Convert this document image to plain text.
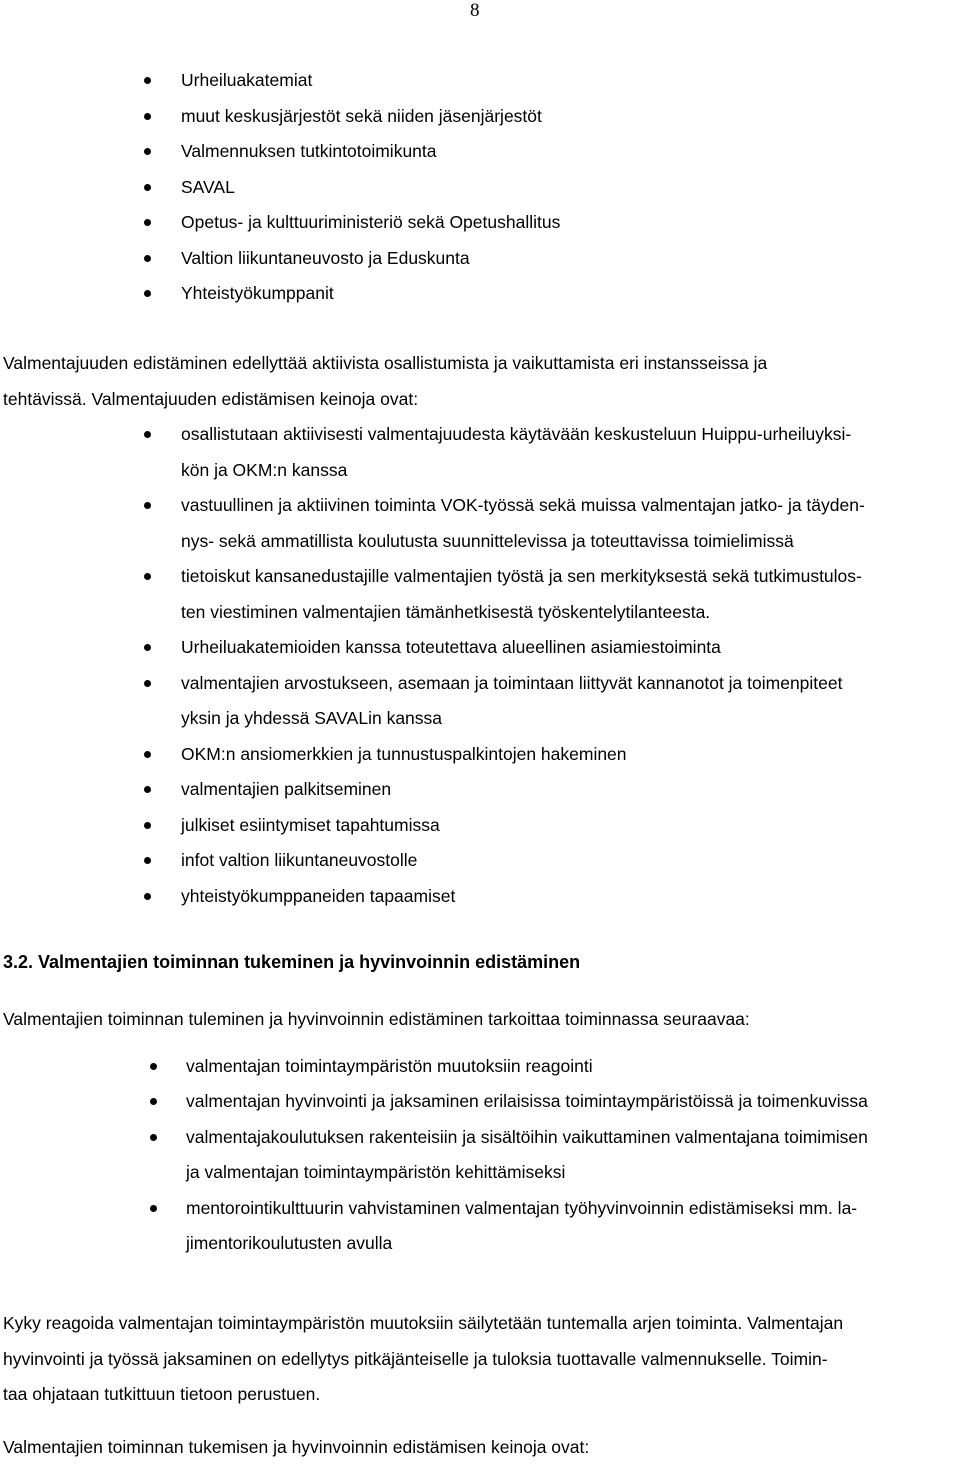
8
Urheiluakatemiat
muut keskusjärjestöt sekä niiden jäsenjärjestöt
Valmennuksen tutkintotoimikunta
SAVAL
Opetus- ja kulttuuriministeriö sekä Opetushallitus
Valtion liikuntaneuvosto ja Eduskunta
Yhteistyökumppanit
Valmentajuuden edistäminen edellyttää aktiivista osallistumista ja vaikuttamista eri instansseissa ja
tehtävissä. Valmentajuuden edistämisen keinoja ovat:
osallistutaan aktiivisesti valmentajuudesta käytävään keskusteluun Huippu-urheiluyksi-
kön ja OKM:n kanssa
vastuullinen ja aktiivinen toiminta VOK-työssä sekä muissa valmentajan jatko- ja täyden-
nys- sekä ammatillista koulutusta suunnittelevissa ja toteuttavissa toimielimissä
tietoiskut kansanedustajille valmentajien työstä ja sen merkityksestä sekä tutkimustulos-
ten viestiminen valmentajien tämänhetkisestä työskentelytilanteesta.
Urheiluakatemioiden kanssa toteutettava alueellinen asiamiestoiminta
valmentajien arvostukseen, asemaan ja toimintaan liittyvät kannanotot ja toimenpiteet
yksin ja yhdessä SAVALin kanssa
OKM:n ansiomerkkien ja tunnustuspalkintojen hakeminen
valmentajien palkitseminen
julkiset esiintymiset tapahtumissa
infot valtion liikuntaneuvostolle
yhteistyökumppaneiden tapaamiset
3.2. Valmentajien toiminnan tukeminen ja hyvinvoinnin edistäminen
Valmentajien toiminnan tuleminen ja hyvinvoinnin edistäminen tarkoittaa toiminnassa seuraavaa:
valmentajan toimintaympäristön muutoksiin reagointi
valmentajan hyvinvointi ja jaksaminen erilaisissa toimintaympäristöissä ja toimenkuvissa
valmentajakoulutuksen rakenteisiin ja sisältöihin vaikuttaminen valmentajana toimimisen
ja valmentajan toimintaympäristön kehittämiseksi
mentorointikulttuurin vahvistaminen valmentajan työhyvinvoinnin edistämiseksi mm. la-
jimentorikoulutusten avulla
Kyky reagoida valmentajan toimintaympäristön muutoksiin säilytetään tuntemalla arjen toiminta. Valmentajan
hyvinvointi ja työssä jaksaminen on edellytys pitkäjänteiselle ja tuloksia tuottavalle valmennukselle. Toimin-
taa ohjataan tutkittuun tietoon perustuen.
Valmentajien toiminnan tukemisen ja hyvinvoinnin edistämisen keinoja ovat:
